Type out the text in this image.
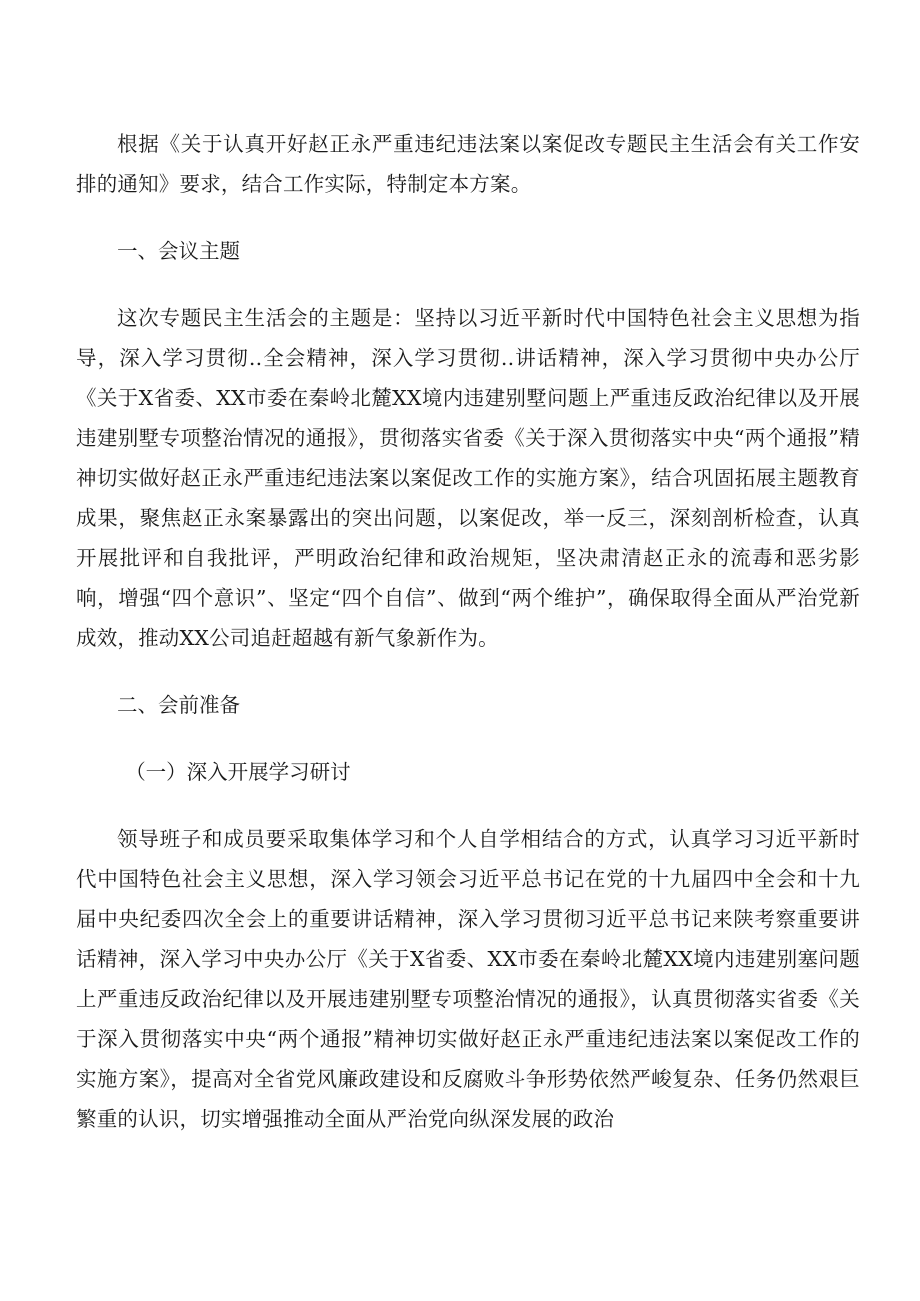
根据《关于认真开好赵正永严重违纪违法案以案促改专题民主生活会有关工作安排的通知》要求，结合工作实际，特制定本方案。

一、会议主题

这次专题民主生活会的主题是：坚持以习近平新时代中国特色社会主义思想为指导，深入学习贯彻..全会精神，深入学习贯彻..讲话精神，深入学习贯彻中央办公厅《关于X省委、XX市委在秦岭北麓XX境内违建别墅问题上严重违反政治纪律以及开展违建别墅专项整治情况的通报》，贯彻落实省委《关于深入贯彻落实中央“两个通报”精神切实做好赵正永严重违纪违法案以案促改工作的实施方案》，结合巩固拓展主题教育成果，聚焦赵正永案暴露出的突出问题，以案促改，举一反三，深刻剖析检查，认真开展批评和自我批评，严明政治纪律和政治规矩，坚决肃清赵正永的流毒和恶劣影响，增强“四个意识”、坚定“四个自信”、做到“两个维护”，确保取得全面从严治党新成效，推动XX公司追赶超越有新气象新作为。

二、会前准备

（一）深入开展学习研讨

领导班子和成员要采取集体学习和个人自学相结合的方式，认真学习习近平新时代中国特色社会主义思想，深入学习领会习近平总书记在党的十九届四中全会和十九届中央纪委四次全会上的重要讲话精神，深入学习贯彻习近平总书记来陕考察重要讲话精神，深入学习中央办公厅《关于X省委、XX市委在秦岭北麓XX境内违建别塞问题上严重违反政治纪律以及开展违建别墅专项整治情况的通报》，认真贯彻落实省委《关于深入贯彻落实中央“两个通报”精神切实做好赵正永严重违纪违法案以案促改工作的实施方案》，提高对全省党风廉政建设和反腐败斗争形势依然严峻复杂、任务仍然艰巨繁重的认识，切实增强推动全面从严治党向纵深发展的政治
